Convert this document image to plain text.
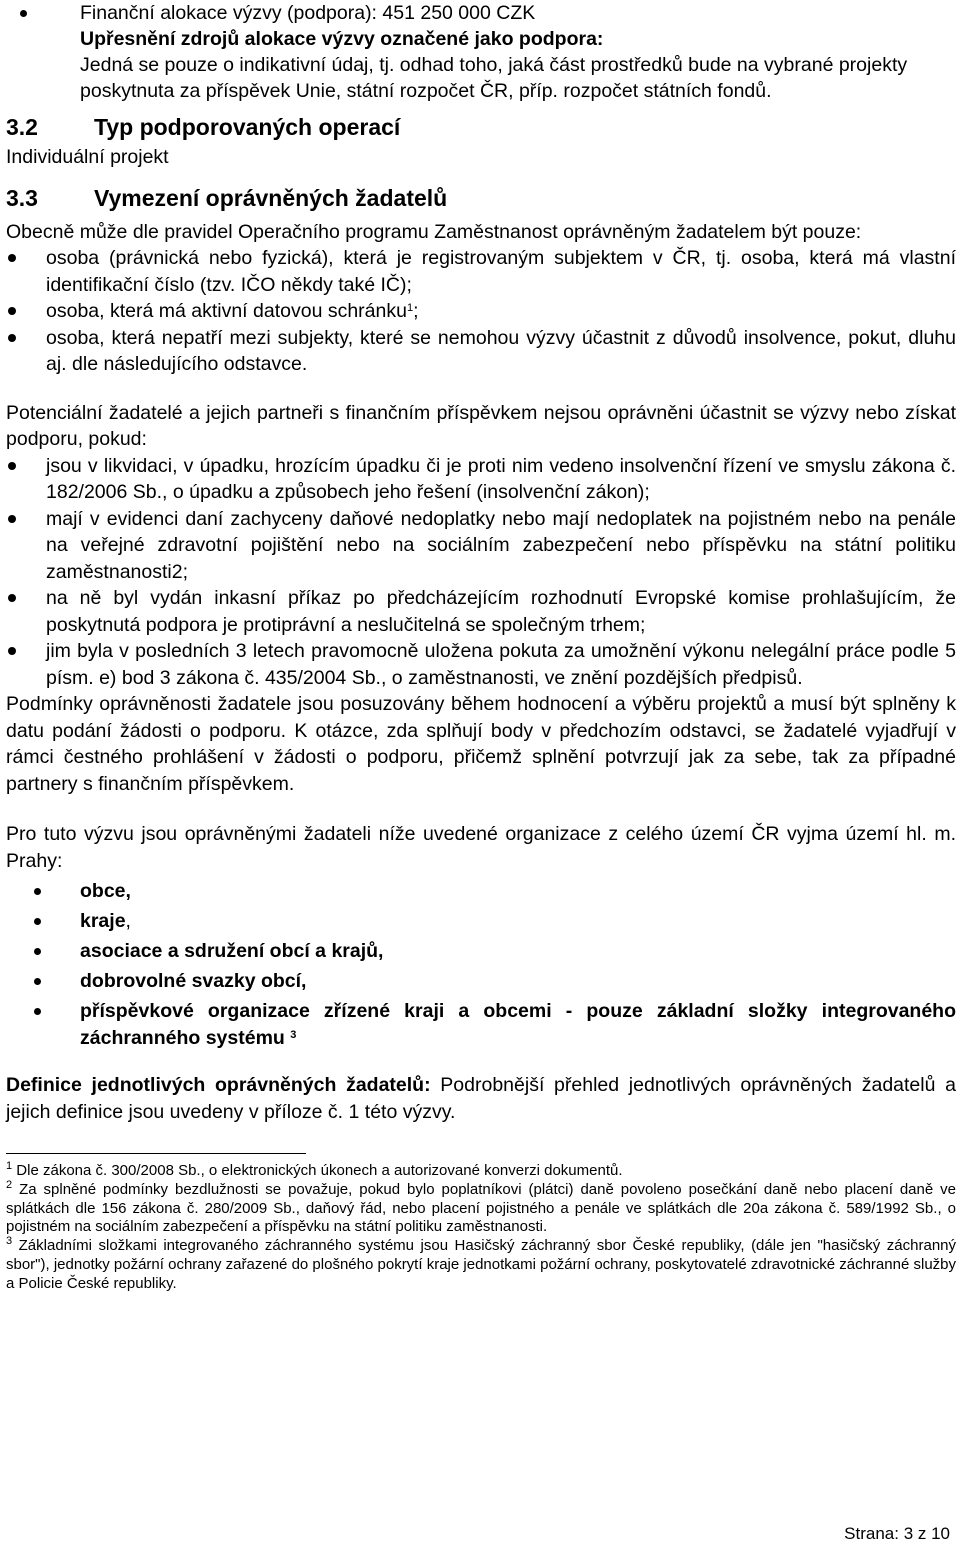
Finanční alokace výzvy (podpora): 451 250 000 CZK
Upřesnění zdrojů alokace výzvy označené jako podpora:
Jedná se pouze o indikativní údaj, tj. odhad toho, jaká část prostředků bude na vybrané projekty poskytnuta za příspěvek Unie, státní rozpočet ČR, příp. rozpočet státních fondů.
3.2 Typ podporovaných operací
Individuální projekt
3.3 Vymezení oprávněných žadatelů
Obecně může dle pravidel Operačního programu Zaměstnanost oprávněným žadatelem být pouze:
osoba (právnická nebo fyzická), která je registrovaným subjektem v ČR, tj. osoba, která má vlastní identifikační číslo (tzv. IČO někdy také IČ);
osoba, která má aktivní datovou schránku$^1$;
osoba, která nepatří mezi subjekty, které se nemohou výzvy účastnit z důvodů insolvence, pokut, dluhu aj. dle následujícího odstavce.
Potenciální žadatelé a jejich partneři s finančním příspěvkem nejsou oprávněni účastnit se výzvy nebo získat podporu, pokud:
jsou v likvidaci, v úpadku, hrozícím úpadku či je proti nim vedeno insolvenční řízení ve smyslu zákona č. 182/2006 Sb., o úpadku a způsobech jeho řešení (insolvenční zákon);
mají v evidenci daní zachyceny daňové nedoplatky nebo mají nedoplatek na pojistném nebo na penále na veřejné zdravotní pojištění nebo na sociálním zabezpečení nebo příspěvku na státní politiku zaměstnanosti2;
na ně byl vydán inkasní příkaz po předcházejícím rozhodnutí Evropské komise prohlašujícím, že poskytnutá podpora je protiprávní a neslučitelná se společným trhem;
jim byla v posledních 3 letech pravomocně uložena pokuta za umožnění výkonu nelegální práce podle 5 písm. e) bod 3 zákona č. 435/2004 Sb., o zaměstnanosti, ve znění pozdějších předpisů.
Podmínky oprávněnosti žadatele jsou posuzovány během hodnocení a výběru projektů a musí být splněny k datu podání žádosti o podporu. K otázce, zda splňují body v předchozím odstavci, se žadatelé vyjadřují v rámci čestného prohlášení v žádosti o podporu, přičemž splnění potvrzují jak za sebe, tak za případné partnery s finančním příspěvkem.
Pro tuto výzvu jsou oprávněnými žadateli níže uvedené organizace z celého území ČR vyjma území hl. m. Prahy:
obce,
kraje,
asociace a sdružení obcí a krajů,
dobrovolné svazky obcí,
příspěvkové organizace zřízené kraji a obcemi - pouze základní složky integrovaného záchranného systému $^3$
Definice jednotlivých oprávněných žadatelů: Podrobnější přehled jednotlivých oprávněných žadatelů a jejich definice jsou uvedeny v příloze č. 1 této výzvy.
$^1$ Dle zákona č. 300/2008 Sb., o elektronických úkonech a autorizované konverzi dokumentů.
$^2$ Za splněné podmínky bezdlužnosti se považuje, pokud bylo poplatníkovi (plátci) daně povoleno posečkání daně nebo placení daně ve splátkách dle 156 zákona č. 280/2009 Sb., daňový řád, nebo placení pojistného a penále ve splátkách dle 20a zákona č. 589/1992 Sb., o pojistném na sociálním zabezpečení a příspěvku na státní politiku zaměstnanosti.
$^3$ Základními složkami integrovaného záchranného systému jsou Hasičský záchranný sbor České republiky, (dále jen "hasičský záchranný sbor"), jednotky požární ochrany zařazené do plošného pokrytí kraje jednotkami požární ochrany, poskytovatelé zdravotnické záchranné služby a Policie České republiky.
Strana: 3 z 10
